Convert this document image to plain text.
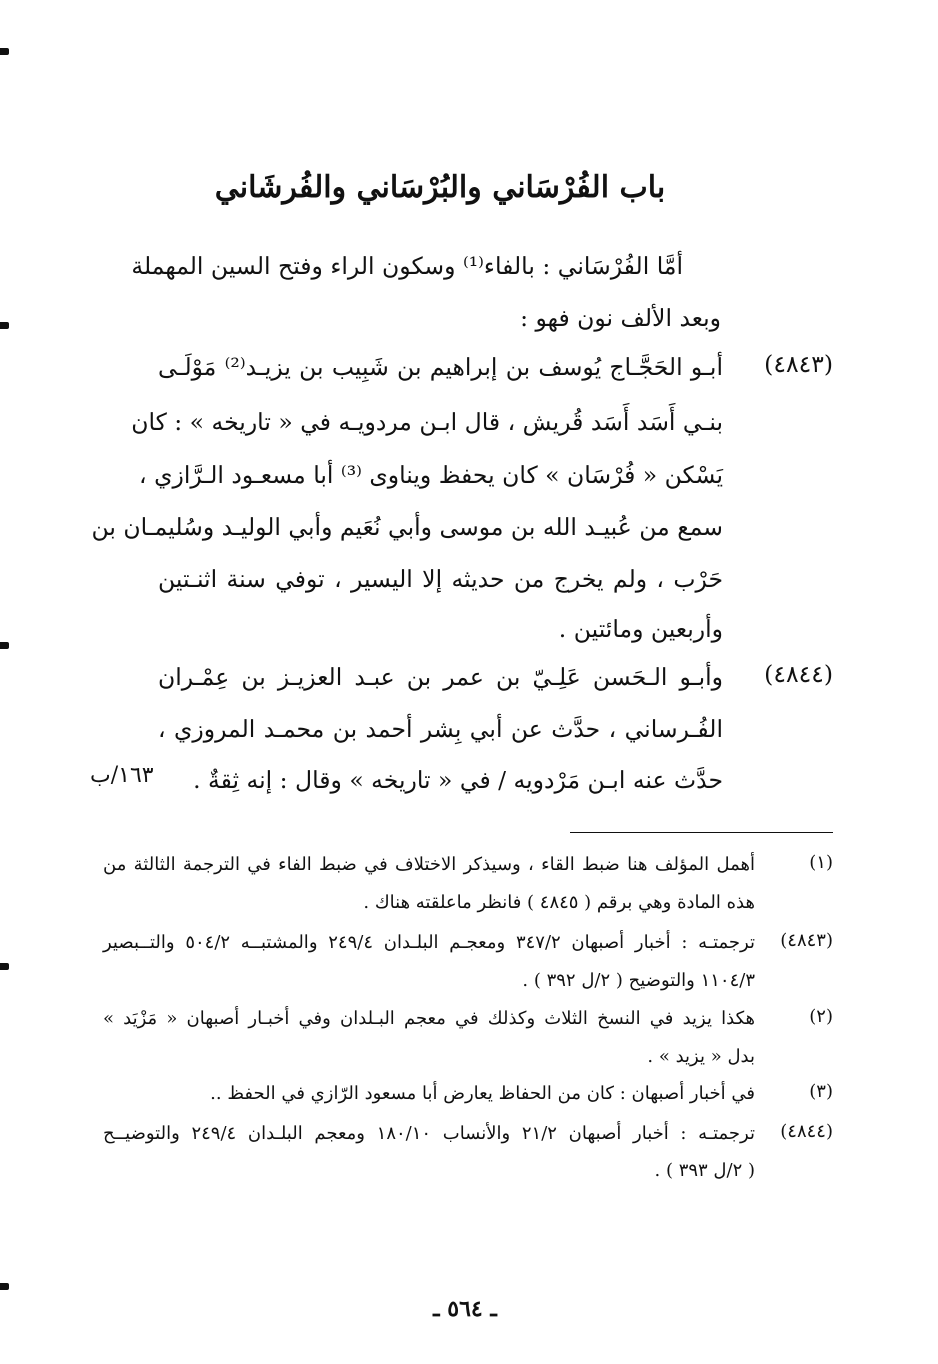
باب الفُرْسَاني والبُرْسَاني والفُرشَاني
أمَّا الفُرْسَاني : بالفاء⁽¹⁾ وسكون الراء وفتح السين المهملة
وبعد الألف نون فهو :
(٤٨٤٣)
أبـو الحَجَّـاج يُوسف بن إبراهيم بن شَبِيب بن يزيـد⁽²⁾ مَوْلَـى
بنـي أَسَد أَسَد قُريش ، قال ابـن مردويـه في « تاريخه » : كان
يَسْكن « فُرْسَان » كان يحفظ ويناوى ⁽³⁾ أبا مسعـود الـرَّازي ،
سمع من عُبيـد الله بن موسى وأبي نُعَيم وأبي الوليـد وسُليمـان بن
حَرْب ، ولم يخرج من حديثه إلا اليسير ، توفي سنة اثنـتين
وأربعين ومائتين .
(٤٨٤٤)
وأبـو الـحَسن عَلِـيّ بن عمر بن عبـد العزيـز بن عِمْـران
الفُـرساني ، حدَّث عن أبي بِشر أحمد بن محمـد المروزي ،
حدَّث عنه ابـن مَرْدويه / في « تاريخه » وقال : إنه ثِقةٌ .
١٦٣/ب
(١)
أهمل المؤلف هنا ضبط القاء ، وسيذكر الاختلاف في ضبط الفاء في الترجمة الثالثة من
هذه المادة وهي برقم ( ٤٨٤٥ ) فانظر ماعلقته هناك .
(٤٨٤٣)
ترجمتـه : أخبار أصبهان ٣٤٧/٢ ومعجـم البلـدان ٢٤٩/٤ والمشتبــه ٥٠٤/٢ والتــبصير
١١٠٤/٣ والتوضيح ( ٢/ل ٣٩٢ ) .
(٢)
هكذا يزيد في النسخ الثلاث وكذلك في معجم البـلدان وفي أخبـار أصبهان « مَزْيَد »
بدل « يزيد » .
(٣)
في أخبار أصبهان : كان من الحفاظ يعارض أبا مسعود الرّازي في الحفظ ..
(٤٨٤٤)
ترجمتـه : أخبار أصبهان ٢١/٢ والأنساب ١٨٠/١٠ ومعجم البلـدان ٢٤٩/٤ والتوضيــح
( ٢/ل ٣٩٣ ) .
ـ ٥٦٤ ـ
